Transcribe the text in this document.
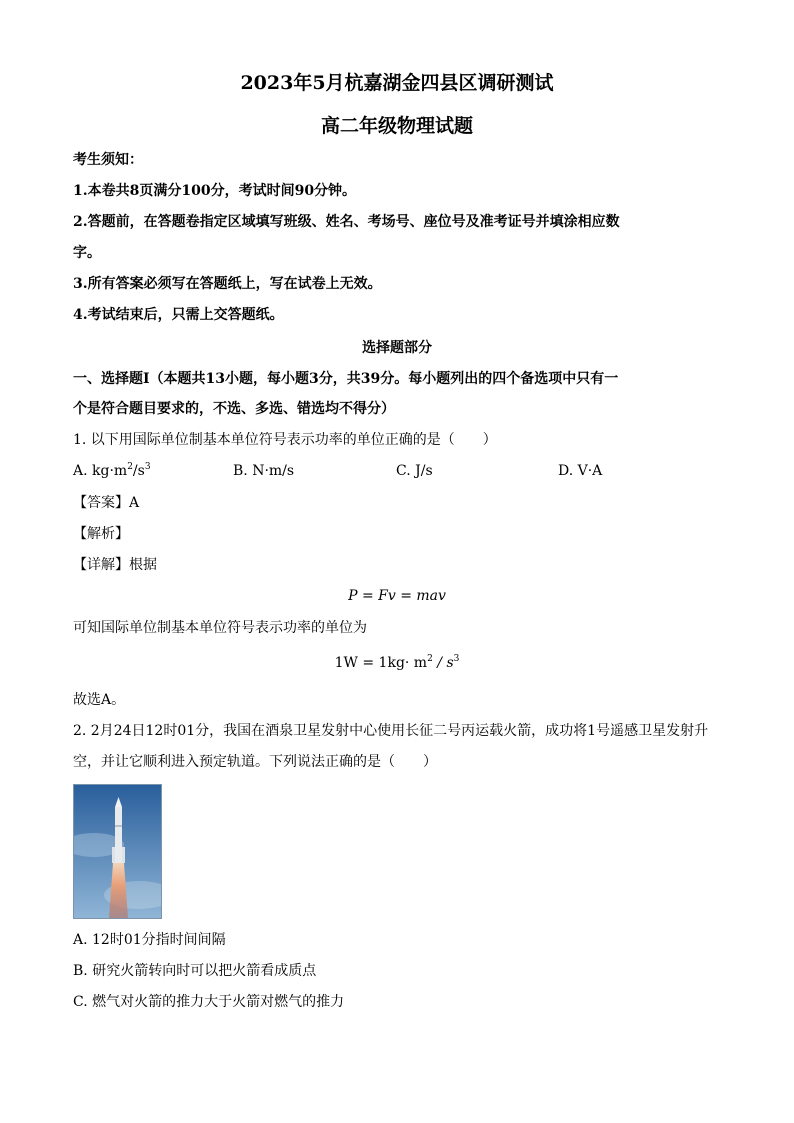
2023年5月杭嘉湖金四县区调研测试
高二年级物理试题
考生须知：
1.本卷共8页满分100分，考试时间90分钟。
2.答题前，在答题卷指定区域填写班级、姓名、考场号、座位号及准考证号并填涂相应数
字。
3.所有答案必须写在答题纸上，写在试卷上无效。
4.考试结束后，只需上交答题纸。
选择题部分
一、选择题Ⅰ（本题共13小题，每小题3分，共39分。每小题列出的四个备选项中只有一
个是符合题目要求的，不选、多选、错选均不得分）
1. 以下用国际单位制基本单位符号表示功率的单位正确的是（　　）
A. $kg\cdot m^2/s^3$	B. N·m/s	C. J/s	D. V·A
【答案】A
【解析】
【详解】根据
P = Fv = mav
可知国际单位制基本单位符号表示功率的单位为
$1W = 1kg\cdot m^2 / s^3$
故选A。
2. 2月24日12时01分，我国在酒泉卫星发射中心使用长征二号丙运载火箭，成功将1号遥感卫星发射升
空，并让它顺利进入预定轨道。下列说法正确的是（　　）
A. 12时01分指时间间隔
B. 研究火箭转向时可以把火箭看成质点
C. 燃气对火箭的推力大于火箭对燃气的推力
